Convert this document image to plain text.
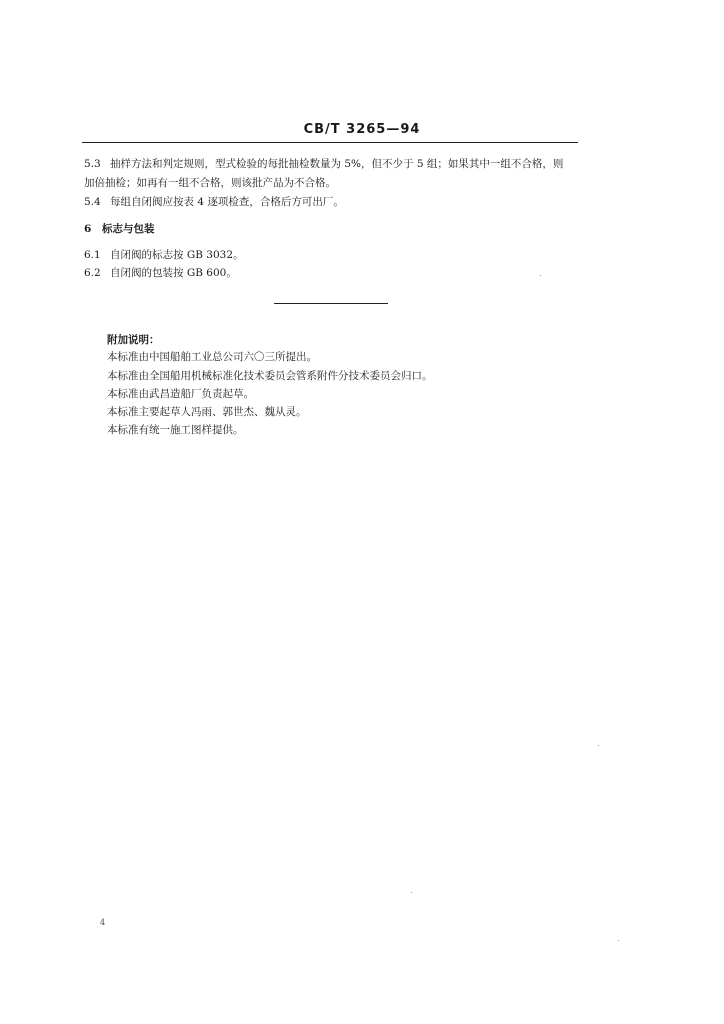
CB/T 3265—94
5.3 抽样方法和判定规则，型式检验的每批抽检数量为 5%，但不少于 5 组；如果其中一组不合格，则
加倍抽检；如再有一组不合格，则该批产品为不合格。
5.4 每组自闭阀应按表 4 逐项检查，合格后方可出厂。
6 标志与包装
6.1 自闭阀的标志按 GB 3032。
6.2 自闭阀的包装按 GB 600。
附加说明：
本标准由中国船舶工业总公司六〇三所提出。
本标准由全国船用机械标准化技术委员会管系附件分技术委员会归口。
本标准由武昌造船厂负责起草。
本标准主要起草人冯雨、郭世杰、魏从灵。
本标准有统一施工图样提供。
4
